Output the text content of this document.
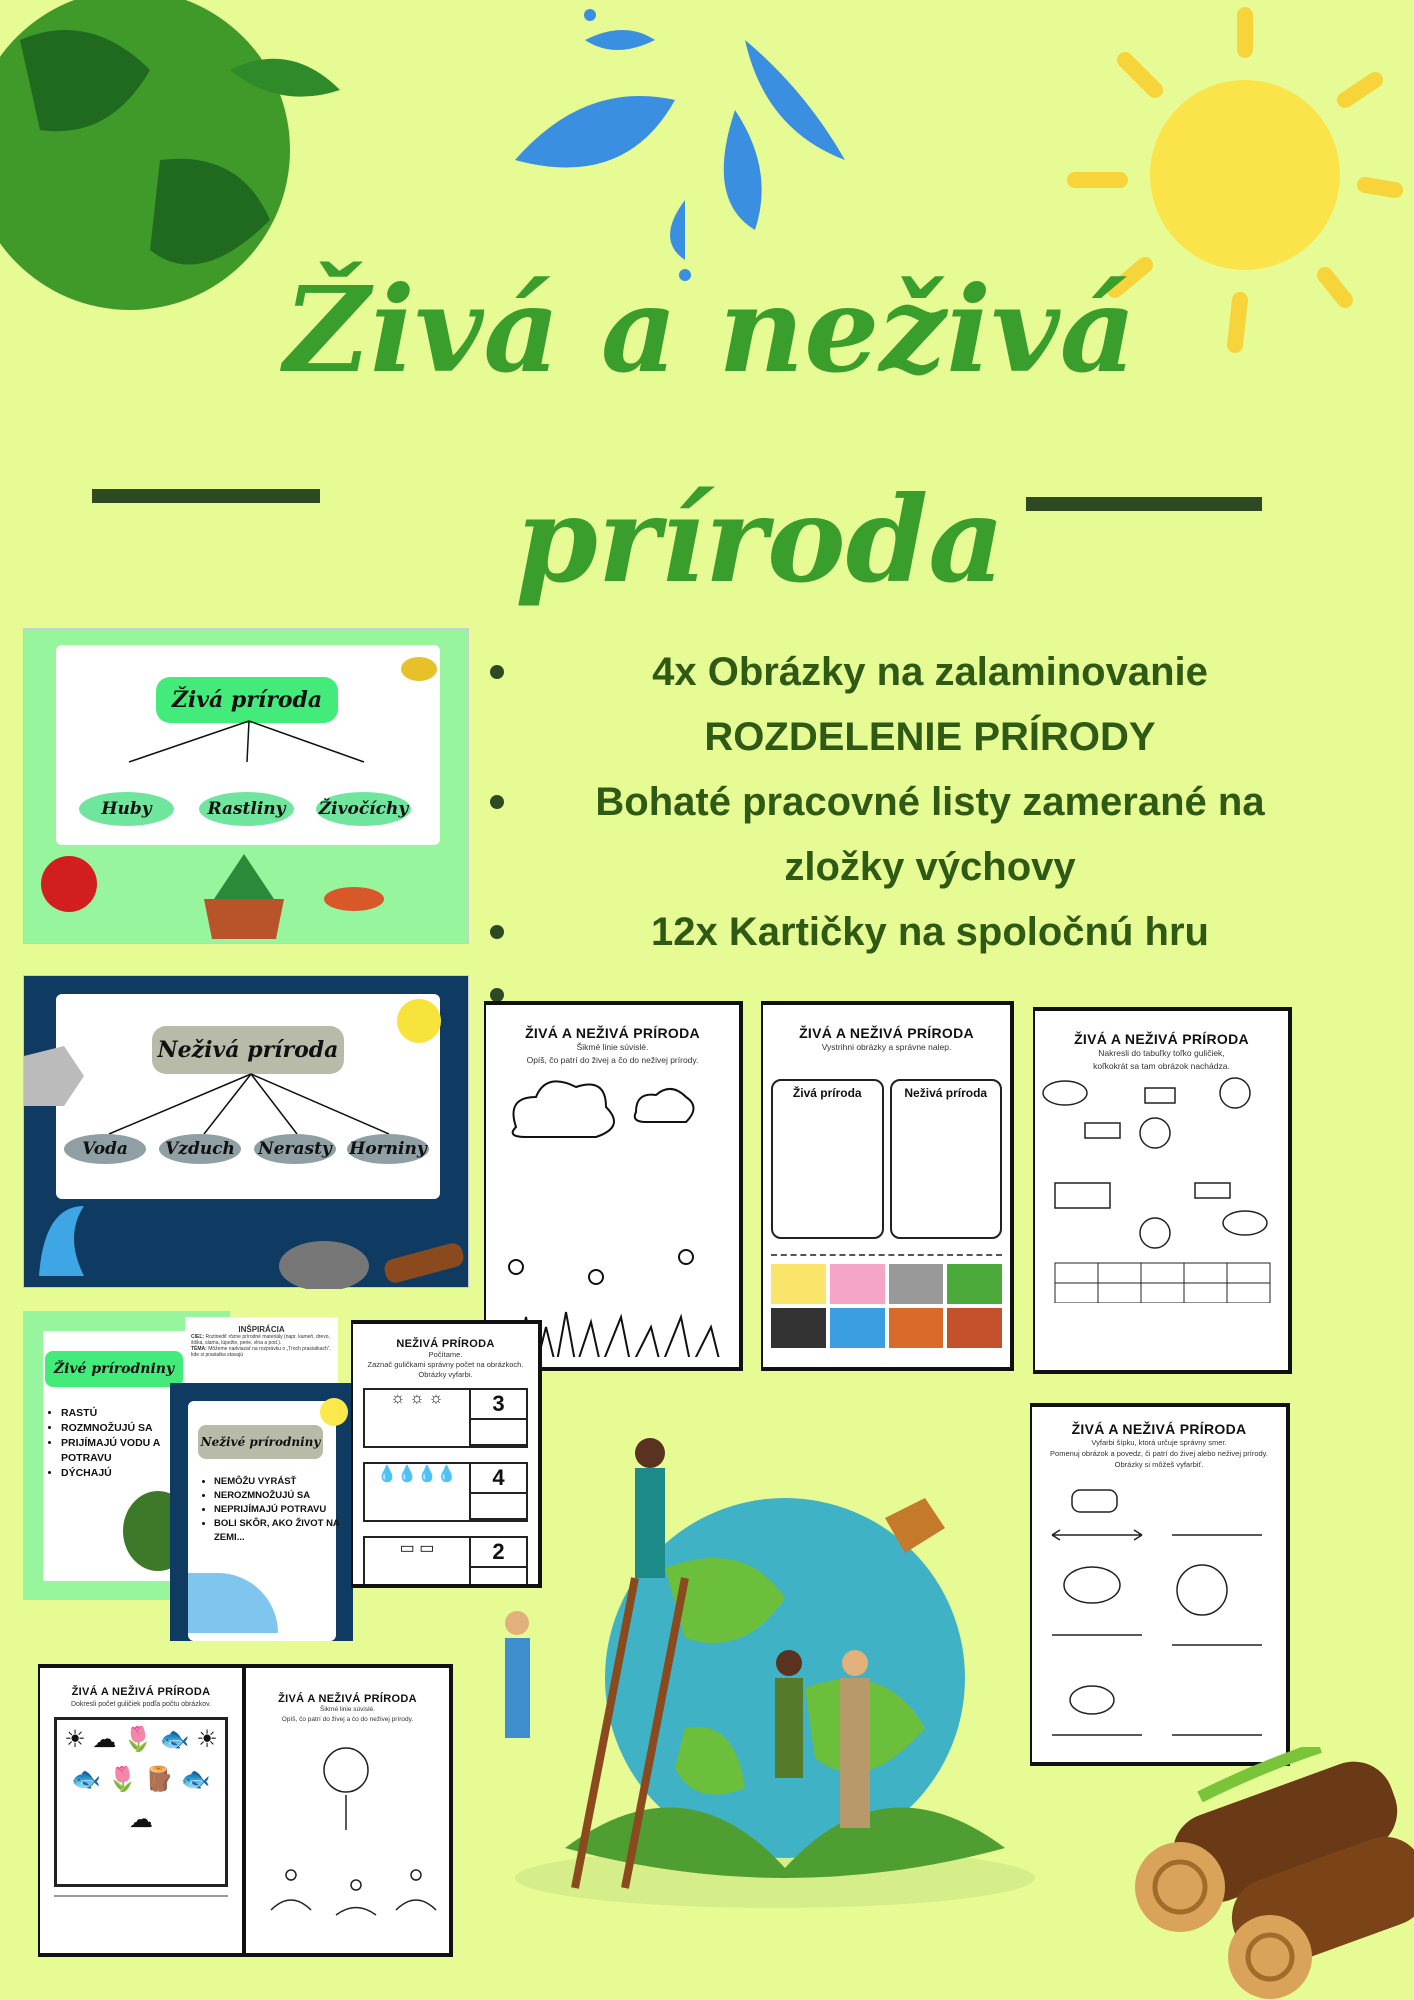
Živá a neživá
príroda
4x Obrázky na zalaminovanie
ROZDELENIE PRÍRODY
Bohaté pracovné listy zamerané na
zložky výchovy
12x Kartičky na spoločnú hru
Živá príroda
Huby	Rastliny	Živočíchy
Neživá príroda
Voda	Vzduch	Nerasty Horniny
ŽIVÁ A NEŽIVÁ PRÍRODA

Šikmé linie súvislé.

Opíš, čo patrí do živej a čo do neživej prírody.

ŽIVÁ A NEŽIVÁ PRÍRODA

Vystrihni obrázky a správne nalep.

Živá príroda	Neživá príroda
ŽIVÁ A NEŽIVÁ PRÍRODA

Nakresli do tabuľky toľko guličiek,

koľkokrát sa tam obrázok nachádza.

Živé prírodniny
• RASTÚ
• ROZMNOŽUJÚ SA
• PRIJÍMAJÚ VODU A POTRAVU
• DÝCHAJÚ
INŠPIRÁCIA
CIEĽ: Roztriediť rôzne prírodné materiály (napr. kameň, drevo, šiška, slama, lúpežie, perie, vlna a pod.).
TÉMA: Môžeme nadviazať na rozprávku o „Troch prasiatkach“, kde si prasiatka stavajú
Neživé prírodniny
• NEMÔŽU VYRÁSŤ
• NEROZMNOŽUJÚ SA
• NEPRIJÍMAJÚ POTRAVU
• BOLI SKÔR, AKO ŽIVOT NA ZEMI...
NEŽIVÁ PRÍRODA

Počítame.

Zaznač guličkami správny počet na obrázkoch.

Obrázky vyfarbi.

☼ ☼ ☼	3
💧💧💧💧	4
▭ ▭	2
ŽIVÁ A NEŽIVÁ PRÍRODA

Vyfarbi šípku, ktorá určuje správny smer.

Pomenuj obrázok a povedz, či patrí do živej alebo neživej prírody.

Obrázky si môžeš vyfarbiť.

ŽIVÁ A NEŽIVÁ PRÍRODA

Dokresli počet guličiek podľa počtu obrázkov.

☀ ☁ 🌷 🐟 ☀ 🐟 🌷 🪵 🐟 ☁
ŽIVÁ A NEŽIVÁ PRÍRODA

Šikmé linie súvislé.

Opíš, čo patrí do živej a čo do neživej prírody.
